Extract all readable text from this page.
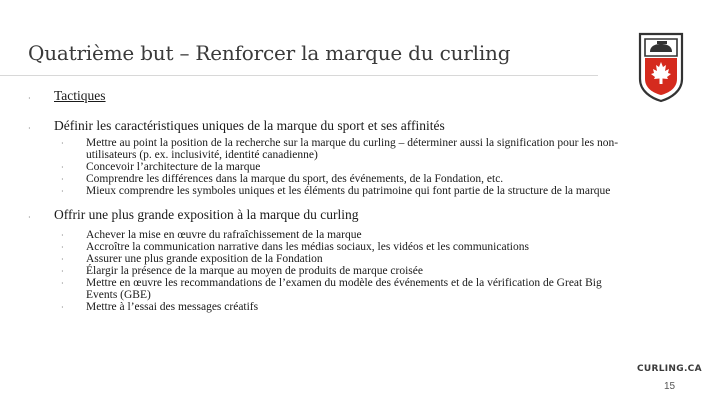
Quatrième but – Renforcer la marque du curling
· Tactiques
· Définir les caractéristiques uniques de la marque du sport et ses affinités
· Mettre au point la position de la recherche sur la marque du curling – déterminer aussi la signification pour les non-utilisateurs (p. ex. inclusivité, identité canadienne)
· Concevoir l’architecture de la marque
· Comprendre les différences dans la marque du sport, des événements, de la Fondation, etc.
· Mieux comprendre les symboles uniques et les éléments du patrimoine qui font partie de la structure de la marque
· Offrir une plus grande exposition à la marque du curling
· Achever la mise en œuvre du rafraîchissement de la marque
· Accroître la communication narrative dans les médias sociaux, les vidéos et les communications
· Assurer une plus grande exposition de la Fondation
· Élargir la présence de la marque au moyen de produits de marque croisée
· Mettre en œuvre les recommandations de l’examen du modèle des événements et de la vérification de Great Big Events (GBE)
· Mettre à l’essai des messages créatifs
CURLING.CA
15
